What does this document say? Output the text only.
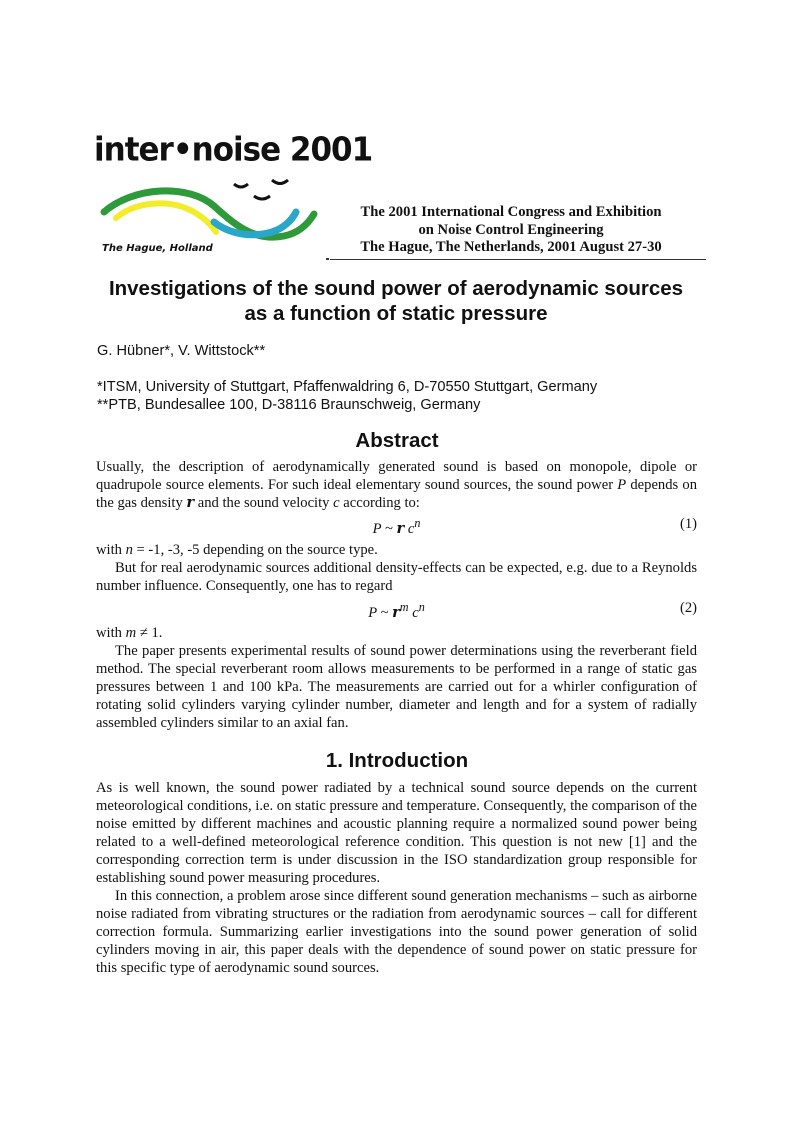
inter•noise 2001
The Hague, Holland
The 2001 International Congress and Exhibition
on Noise Control Engineering
The Hague, The Netherlands, 2001 August 27-30
Investigations of the sound power of aerodynamic sources
as a function of static pressure
G. Hübner*, V. Wittstock**
*ITSM, University of Stuttgart, Pfaffenwaldring 6, D-70550 Stuttgart, Germany
**PTB, Bundesallee 100, D-38116 Braunschweig, Germany
Abstract

Usually, the description of aerodynamically generated sound is based on monopole, dipole or quadrupole source elements. For such ideal elementary sound sources, the sound power P depends on the gas density r and the sound velocity c according to:

P ~ r $c^n$	(1)

with n = -1, -3, -5 depending on the source type.

But for real aerodynamic sources additional density-effects can be expected, e.g. due to a Reynolds number influence. Consequently, one has to regard

P ~ $r^m$ $c^n$	(2)

with m ≠ 1.

The paper presents experimental results of sound power determinations using the reverberant field method. The special reverberant room allows measurements to be performed in a range of static gas pressures between 1 and 100 kPa. The measurements are carried out for a whirler configuration of rotating solid cylinders varying cylinder number, diameter and length and for a system of radially assembled cylinders similar to an axial fan.

1. Introduction

As is well known, the sound power radiated by a technical sound source depends on the current meteorological conditions, i.e. on static pressure and temperature. Consequently, the comparison of the noise emitted by different machines and acoustic planning require a normalized sound power being related to a well-defined meteorological reference condition. This question is not new [1] and the corresponding correction term is under discussion in the ISO standardization group responsible for establishing sound power measuring procedures.

In this connection, a problem arose since different sound generation mechanisms – such as airborne noise radiated from vibrating structures or the radiation from aerodynamic sources – call for different correction formula. Summarizing earlier investigations into the sound power generation of solid cylinders moving in air, this paper deals with the dependence of sound power on static pressure for this specific type of aerodynamic sound sources.
